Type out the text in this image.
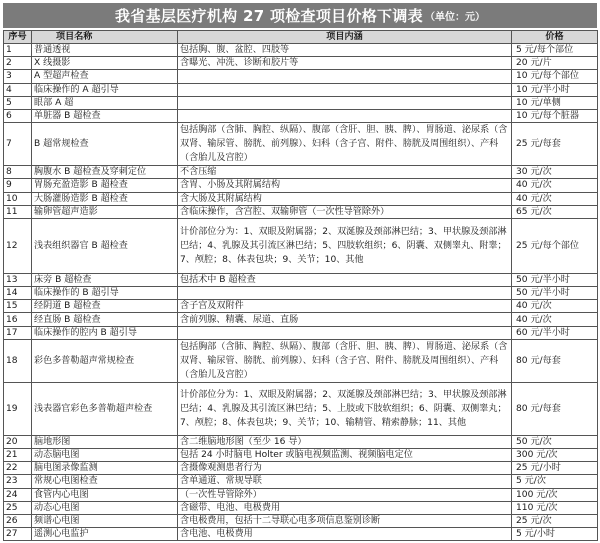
我省基层医疗机构 27 项检查项目价格下调表 （单位：元）
序号	项目名称	项目内涵	价格
1	普通透视	包括胸、腹、盆腔、四肢等	5 元/每个部位
2	X 线摄影	含曝光、冲洗、诊断和胶片等	20 元/片
3	A 型超声检查		10 元/每个部位
4	临床操作的 A 超引导		10 元/半小时
5	眼部 A 超		10 元/单侧
6	单脏器 B 超检查		10 元/每个脏器
7	B 超常规检查	包括胸部（含肺、胸腔、纵隔）、腹部（含肝、胆、胰、脾）、胃肠道、泌尿系（含双肾、输尿管、膀胱、前列腺）、妇科（含子宫、附件、膀胱及周围组织）、产科（含胎儿及宫腔）	25 元/每套
8	胸腹水 B 超检查及穿刺定位	不含压缩	30 元/次
9	胃肠充盈造影 B 超检查	含胃、小肠及其附属结构	40 元/次
10	大肠灌肠造影 B 超检查	含大肠及其附属结构	40 元/次
11	输卵管超声造影	含临床操作，含宫腔、双输卵管（一次性导管除外）	65 元/次
12	浅表组织器官 B 超检查	计价部位分为：1、双眼及附属器；2、双涎腺及颈部淋巴结；3、甲状腺及颈部淋巴结；4、乳腺及其引流区淋巴结；5、四肢软组织；6、阴囊、双侧睾丸、附睾；7、颅腔；8、体表包块；9、关节；10、其他	25 元/每个部位
13	床旁 B 超检查	包括术中 B 超检查	50 元/半小时
14	临床操作的 B 超引导		50 元/半小时
15	经阴道 B 超检查	含子宫及双附件	40 元/次
16	经直肠 B 超检查	含前列腺、精囊、尿道、直肠	40 元/次
17	临床操作的腔内 B 超引导		60 元/半小时
18	彩色多普勒超声常规检查	包括胸部（含肺、胸腔、纵隔）、腹部（含肝、胆、胰、脾）、胃肠道、泌尿系（含双肾、输尿管、膀胱、前列腺）、妇科（含子宫、附件、膀胱及周围组织）、产科（含胎儿及宫腔）	80 元/每套
19	浅表器官彩色多普勒超声检查	计价部位分为：1、双眼及附属器；2、双涎腺及颈部淋巴结；3、甲状腺及颈部淋巴结；4、乳腺及其引流区淋巴结；5、上肢或下肢软组织；6、阴囊、双侧睾丸；7、颅腔；8、体表包块；9、关节；10、输精管、精索静脉；11、其他	80 元/每套
20	脑地形图	含二维脑地形图（至少 16 导）	50 元/次
21	动态脑电图	包括 24 小时脑电 Holter 或脑电视频监测、视频脑电定位	300 元/次
22	脑电图录像监测	含摄像观测患者行为	25 元/小时
23	常规心电图检查	含单通道、常规导联	5 元/次
24	食管内心电图	（一次性导管除外）	100 元/次
25	动态心电图	含磁带、电池、电极费用	110 元/次
26	频谱心电图	含电极费用，包括十二导联心电多项信息鉴别诊断	25 元/次
27	遥测心电监护	含电池、电极费用	5 元/小时
